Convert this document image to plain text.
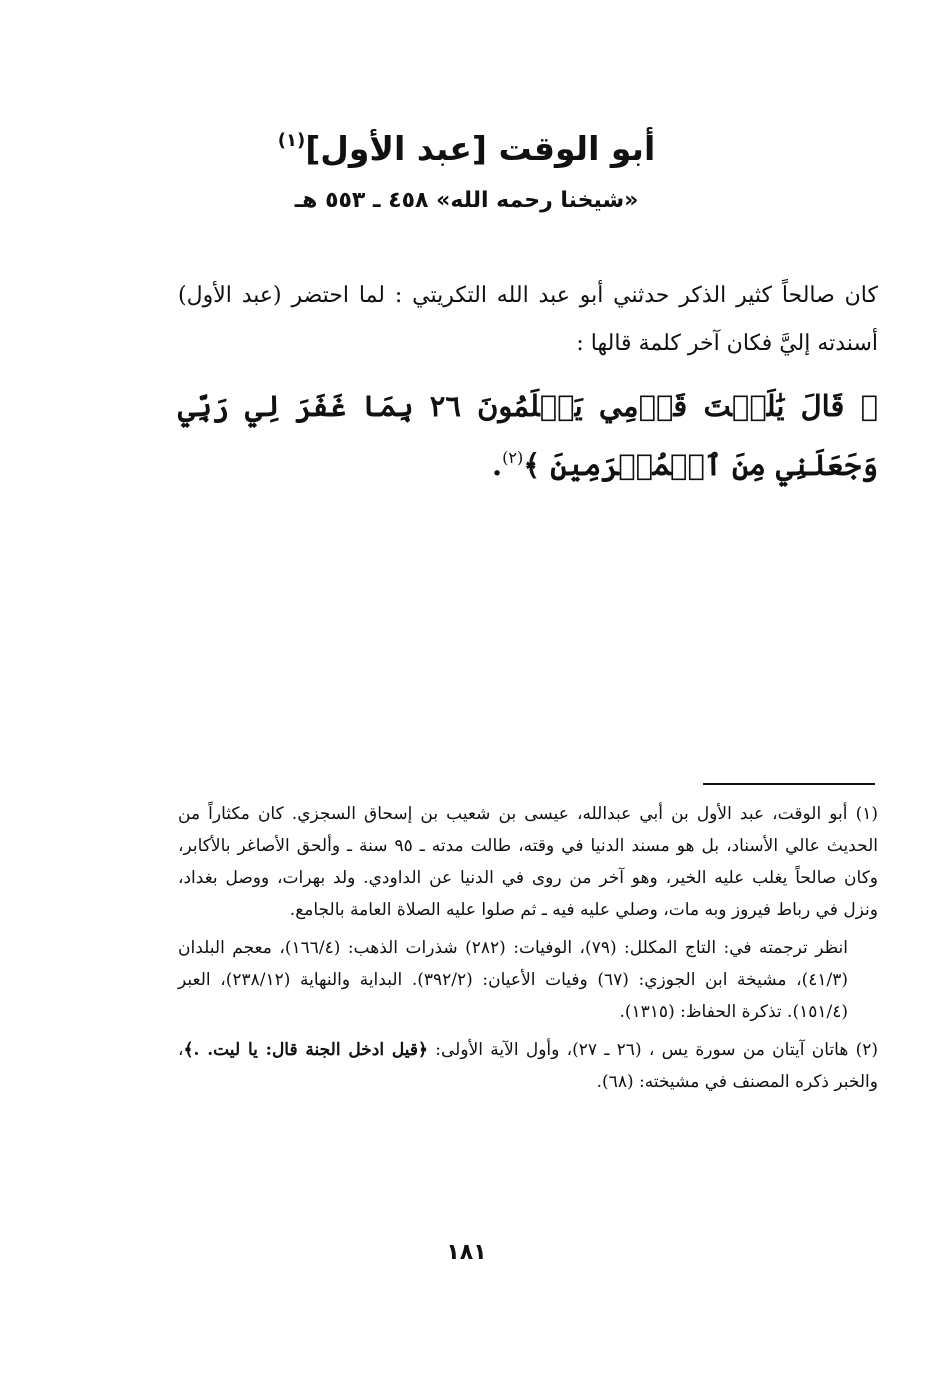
أبو الوقت [عبد الأول]$^{(١)}$
«شيخنا رحمه الله» ٤٥٨ ـ ٥٥٣ هـ

كان صالحاً كثير الذكر حدثني أبو عبد الله التكريتي : لما احتضر (عبد الأول) أسندته إليَّ فكان آخر كلمة قالها :

﴿ قَالَ يَٰلَيۡتَ قَوۡمِي يَعۡلَمُونَ ٢٦ بِمَا غَفَرَ لِي رَبِّي وَجَعَلَنِي مِنَ ٱلۡمُكۡرَمِينَ ﴾$^{(٢)}$.

(١) أبو الوقت، عبد الأول بن أبي عبدالله، عيسى بن شعيب بن إسحاق السجزي. كان مكثاراً من الحديث عالي الأسناد، بل هو مسند الدنيا في وقته، طالت مدته ـ ٩٥ سنة ـ وألحق الأصاغر بالأكابر، وكان صالحاً يغلب عليه الخير، وهو آخر من روى في الدنيا عن الداودي. ولد بهرات، ووصل بغداد، ونزل في رباط فيروز وبه مات، وصلي عليه فيه ـ ثم صلوا عليه الصلاة العامة بالجامع.

انظر ترجمته في: التاج المكلل: (٧٩)، الوفيات: (٢٨٢) شذرات الذهب: (١٦٦/٤)، معجم البلدان (٤١/٣)، مشيخة ابن الجوزي: (٦٧) وفيات الأعيان: (٣٩٢/٢). البداية والنهاية (٢٣٨/١٢)، العبر (١٥١/٤). تذكرة الحفاظ: (١٣١٥).

(٢) هاتان آيتان من سورة يس ، (٢٦ ـ ٢٧)، وأول الآية الأولى: ﴿قيل ادخل الجنة قال: يا ليت. .﴾، والخبر ذكره المصنف في مشيخته: (٦٨).

١٨١
